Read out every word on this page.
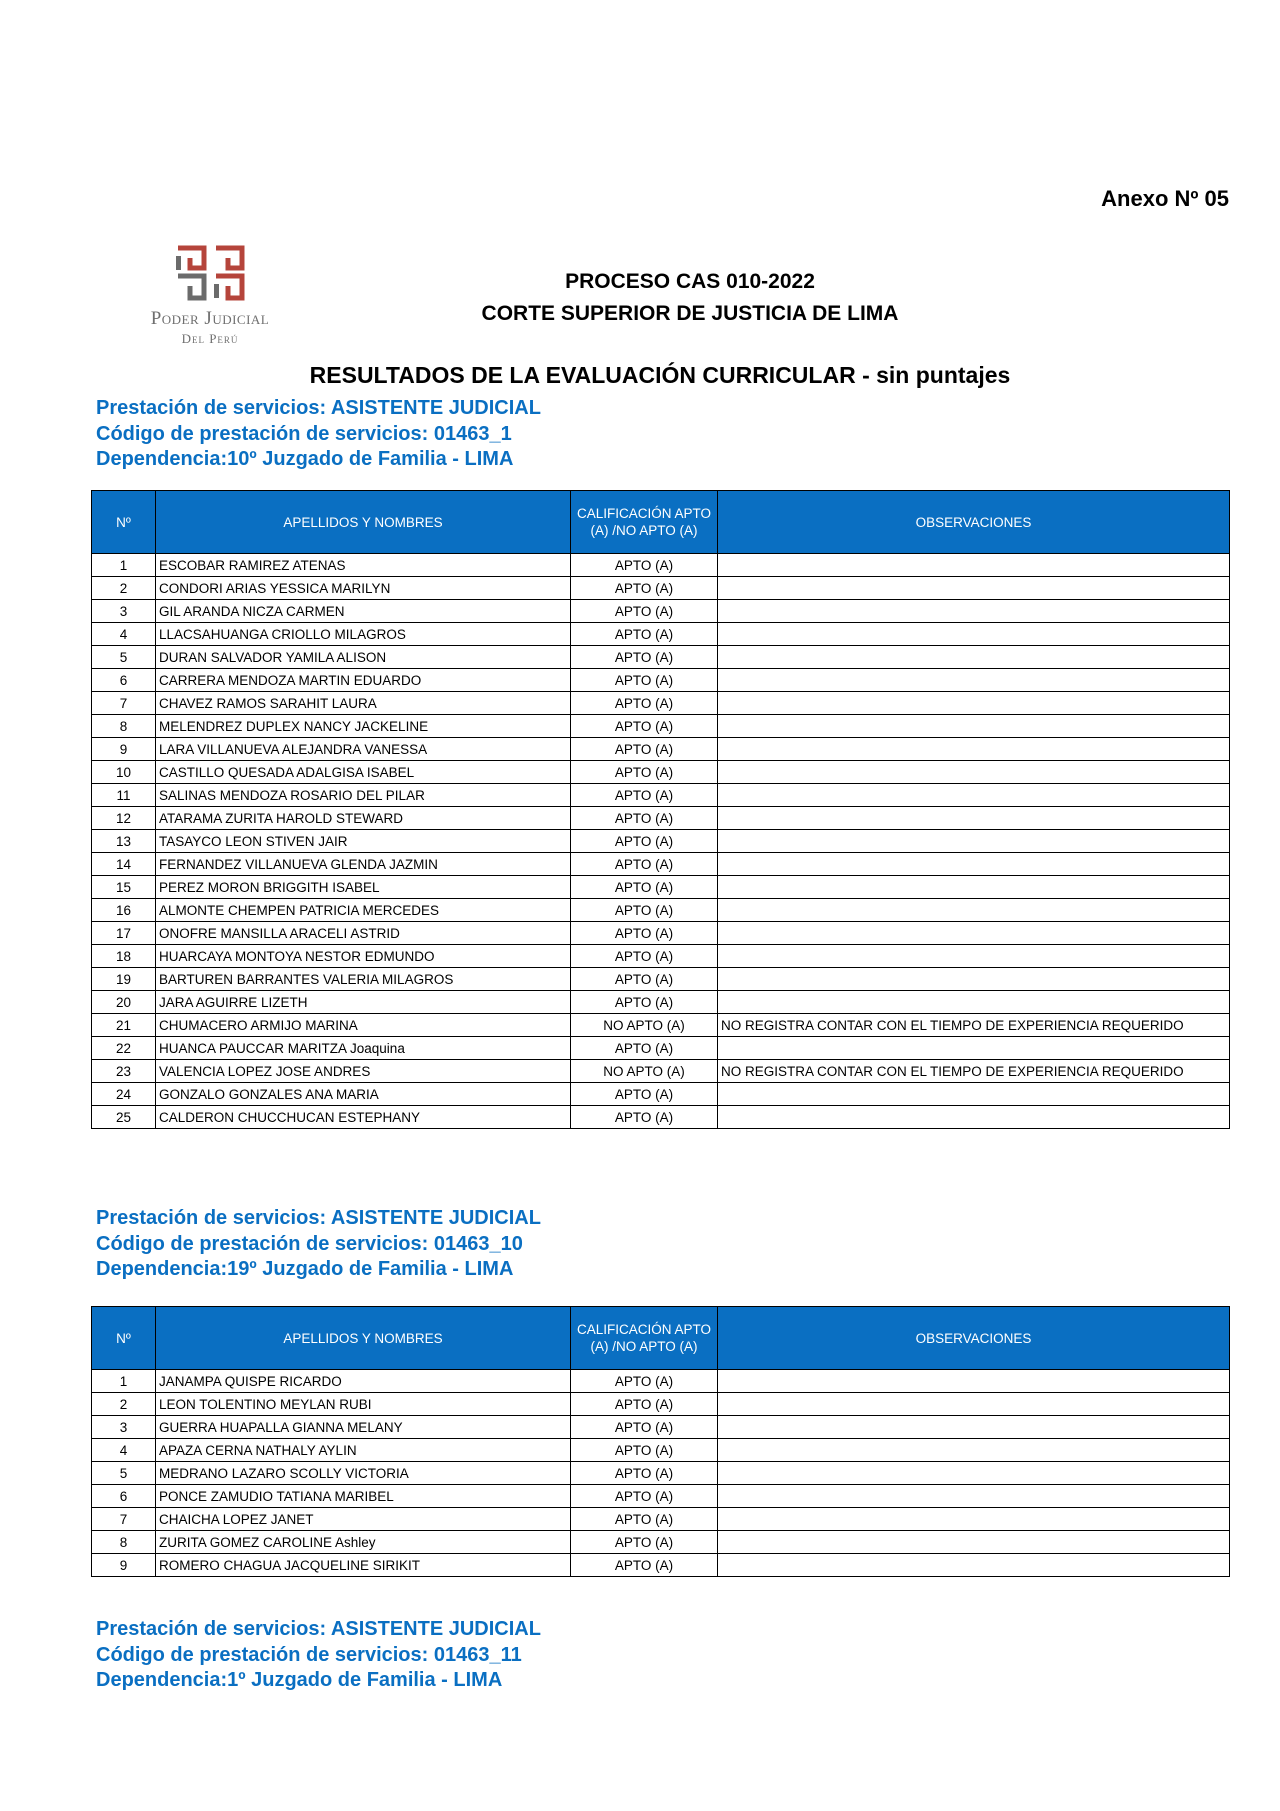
Anexo Nº 05
Poder Judicial
Del Perú
PROCESO CAS 010-2022
CORTE SUPERIOR DE JUSTICIA DE LIMA
RESULTADOS DE LA EVALUACIÓN CURRICULAR - sin puntajes
Prestación de servicios: ASISTENTE JUDICIAL
Código de prestación de servicios: 01463_1
Dependencia:10º Juzgado de Familia - LIMA
Nº	APELLIDOS Y NOMBRES	CALIFICACIÓN APTO (A) /NO APTO (A)	OBSERVACIONES
1	ESCOBAR RAMIREZ ATENAS	APTO (A)	
2	CONDORI ARIAS YESSICA MARILYN	APTO (A)	
3	GIL ARANDA NICZA CARMEN	APTO (A)	
4	LLACSAHUANGA CRIOLLO MILAGROS	APTO (A)	
5	DURAN SALVADOR YAMILA ALISON	APTO (A)	
6	CARRERA MENDOZA MARTIN EDUARDO	APTO (A)	
7	CHAVEZ RAMOS SARAHIT LAURA	APTO (A)	
8	MELENDREZ DUPLEX NANCY JACKELINE	APTO (A)	
9	LARA VILLANUEVA ALEJANDRA VANESSA	APTO (A)	
10	CASTILLO QUESADA ADALGISA ISABEL	APTO (A)	
11	SALINAS MENDOZA ROSARIO DEL PILAR	APTO (A)	
12	ATARAMA ZURITA HAROLD STEWARD	APTO (A)	
13	TASAYCO LEON STIVEN JAIR	APTO (A)	
14	FERNANDEZ VILLANUEVA GLENDA JAZMIN	APTO (A)	
15	PEREZ MORON BRIGGITH ISABEL	APTO (A)	
16	ALMONTE CHEMPEN PATRICIA MERCEDES	APTO (A)	
17	ONOFRE MANSILLA ARACELI ASTRID	APTO (A)	
18	HUARCAYA MONTOYA NESTOR EDMUNDO	APTO (A)	
19	BARTUREN BARRANTES VALERIA MILAGROS	APTO (A)	
20	JARA AGUIRRE LIZETH	APTO (A)	
21	CHUMACERO ARMIJO MARINA	NO APTO (A)	NO REGISTRA CONTAR CON EL TIEMPO DE EXPERIENCIA REQUERIDO
22	HUANCA PAUCCAR MARITZA Joaquina	APTO (A)	
23	VALENCIA LOPEZ JOSE ANDRES	NO APTO (A)	NO REGISTRA CONTAR CON EL TIEMPO DE EXPERIENCIA REQUERIDO
24	GONZALO GONZALES ANA MARIA	APTO (A)	
25	CALDERON CHUCCHUCAN ESTEPHANY	APTO (A)	
Prestación de servicios: ASISTENTE JUDICIAL
Código de prestación de servicios: 01463_10
Dependencia:19º Juzgado de Familia - LIMA
Nº	APELLIDOS Y NOMBRES	CALIFICACIÓN APTO (A) /NO APTO (A)	OBSERVACIONES
1	JANAMPA QUISPE RICARDO	APTO (A)	
2	LEON TOLENTINO MEYLAN RUBI	APTO (A)	
3	GUERRA HUAPALLA GIANNA MELANY	APTO (A)	
4	APAZA CERNA NATHALY AYLIN	APTO (A)	
5	MEDRANO LAZARO SCOLLY VICTORIA	APTO (A)	
6	PONCE ZAMUDIO TATIANA MARIBEL	APTO (A)	
7	CHAICHA LOPEZ JANET	APTO (A)	
8	ZURITA GOMEZ CAROLINE Ashley	APTO (A)	
9	ROMERO CHAGUA JACQUELINE SIRIKIT	APTO (A)	
Prestación de servicios: ASISTENTE JUDICIAL
Código de prestación de servicios: 01463_11
Dependencia:1º Juzgado de Familia - LIMA
